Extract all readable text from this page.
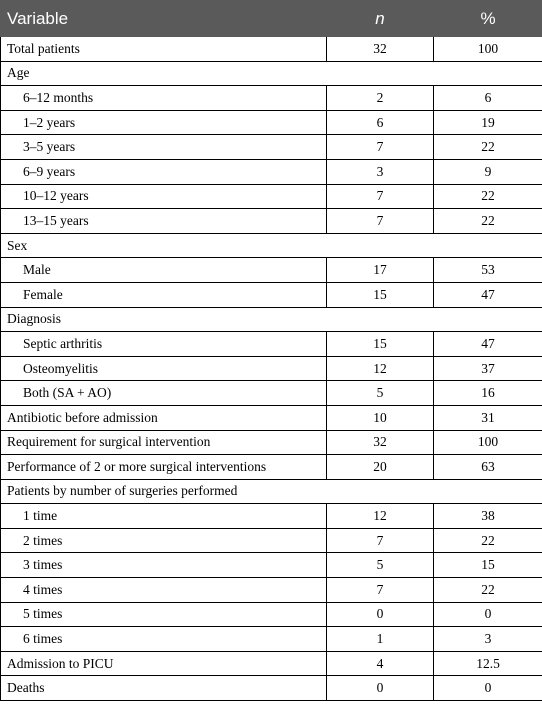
Variable	n	%
Total patients	32	100
Age		
6–12 months	2	6
1–2 years	6	19
3–5 years	7	22
6–9 years	3	9
10–12 years	7	22
13–15 years	7	22
Sex		
Male	17	53
Female	15	47
Diagnosis		
Septic arthritis	15	47
Osteomyelitis	12	37
Both (SA + AO)	5	16
Antibiotic before admission	10	31
Requirement for surgical intervention	32	100
Performance of 2 or more surgical interventions	20	63
Patients by number of surgeries performed		
1 time	12	38
2 times	7	22
3 times	5	15
4 times	7	22
5 times	0	0
6 times	1	3
Admission to PICU	4	12.5
Deaths	0	0
